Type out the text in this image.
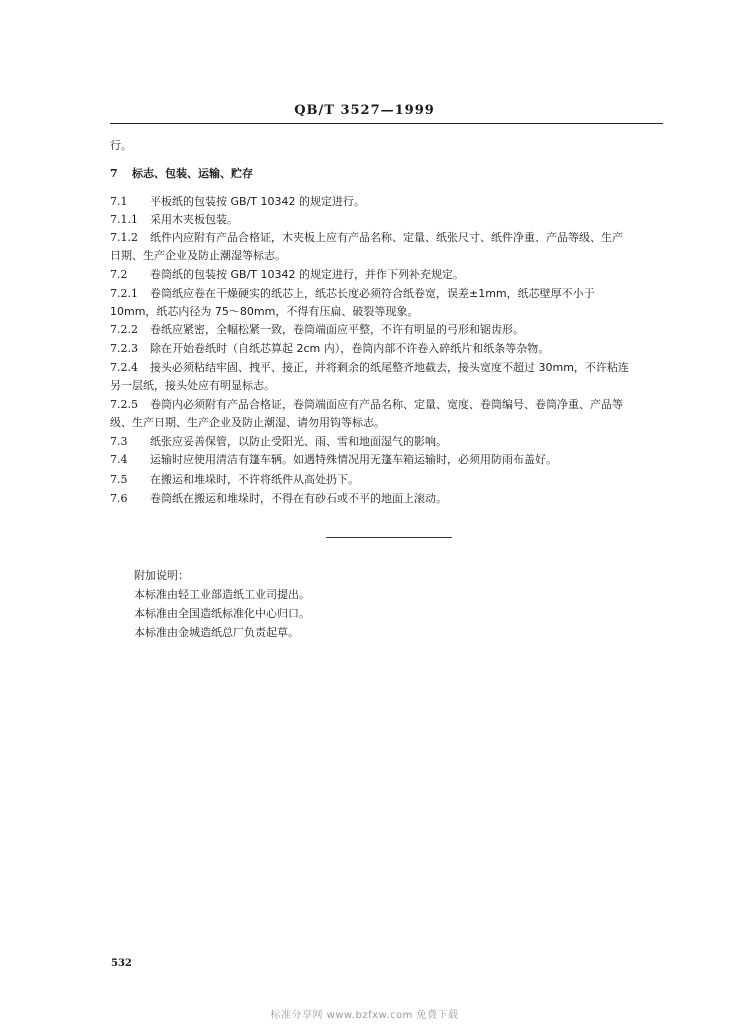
QB/T 3527—1999
行。
7 标志、包装、运输、贮存
7.1 平板纸的包装按 GB/T 10342 的规定进行。
7.1.1 采用木夹板包装。
7.1.2 纸件内应附有产品合格证，木夹板上应有产品名称、定量、纸张尺寸、纸件净重、产品等级、生产
日期、生产企业及防止潮湿等标志。
7.2 卷筒纸的包装按 GB/T 10342 的规定进行，并作下列补充规定。
7.2.1 卷筒纸应卷在干燥硬实的纸芯上，纸芯长度必须符合纸卷宽，误差±1mm，纸芯壁厚不小于
10mm，纸芯内径为 75～80mm，不得有压扁、破裂等现象。
7.2.2 卷纸应紧密，全幅松紧一致，卷筒端面应平整，不许有明显的弓形和锯齿形。
7.2.3 除在开始卷纸时（自纸芯算起 2cm 内），卷筒内部不许卷入碎纸片和纸条等杂物。
7.2.4 接头必须粘结牢固、拽平、接正，并将剩余的纸尾整齐地截去，接头宽度不超过 30mm，不许粘连
另一层纸，接头处应有明显标志。
7.2.5 卷筒内必须附有产品合格证，卷筒端面应有产品名称、定量、宽度、卷筒编号、卷筒净重、产品等
级、生产日期、生产企业及防止潮湿、请勿用钩等标志。
7.3 纸张应妥善保管，以防止受阳光、雨、雪和地面湿气的影响。
7.4 运输时应使用清洁有篷车辆。如遇特殊情况用无篷车箱运输时，必须用防雨布盖好。
7.5 在搬运和堆垛时，不许将纸件从高处扔下。
7.6 卷筒纸在搬运和堆垛时，不得在有砂石或不平的地面上滚动。
附加说明：
本标准由轻工业部造纸工业司提出。
本标准由全国造纸标准化中心归口。
本标准由金城造纸总厂负责起草。
532
标准分享网 www.bzfxw.com 免费下载
